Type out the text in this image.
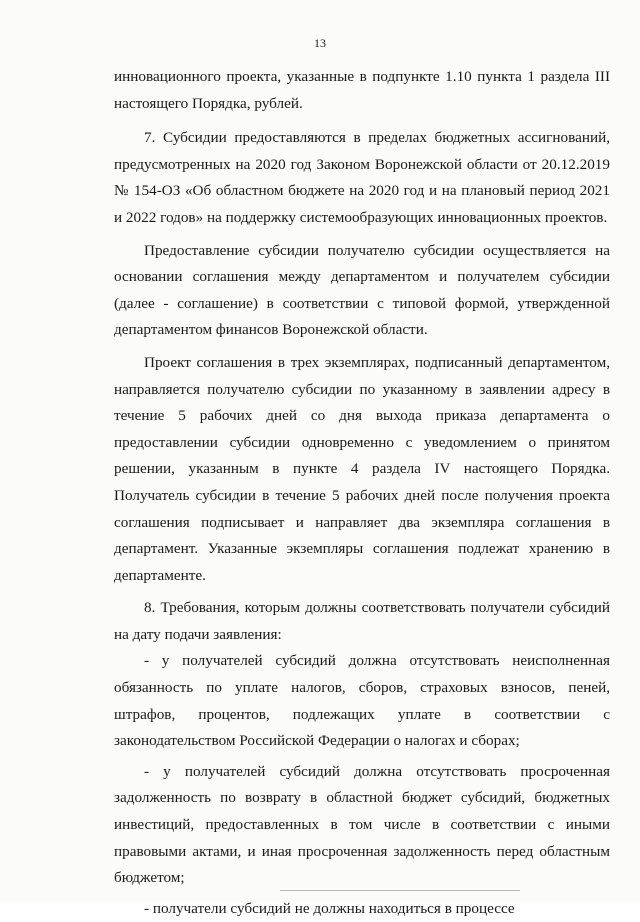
13

инновационного проекта, указанные в подпункте 1.10 пункта 1 раздела III настоящего Порядка, рублей.

7. Субсидии предоставляются в пределах бюджетных ассигнований, предусмотренных на 2020 год Законом Воронежской области от 20.12.2019 № 154-ОЗ «Об областном бюджете на 2020 год и на плановый период 2021 и 2022 годов» на поддержку системообразующих инновационных проектов.

Предоставление субсидии получателю субсидии осуществляется на основании соглашения между департаментом и получателем субсидии (далее - соглашение) в соответствии с типовой формой, утвержденной департаментом финансов Воронежской области.

Проект соглашения в трех экземплярах, подписанный департаментом, направляется получателю субсидии по указанному в заявлении адресу в течение 5 рабочих дней со дня выхода приказа департамента о предоставлении субсидии одновременно с уведомлением о принятом решении, указанным в пункте 4 раздела IV настоящего Порядка. Получатель субсидии в течение 5 рабочих дней после получения проекта соглашения подписывает и направляет два экземпляра соглашения в департамент. Указанные экземпляры соглашения подлежат хранению в департаменте.

8. Требования, которым должны соответствовать получатели субсидий на дату подачи заявления:

- у получателей субсидий должна отсутствовать неисполненная обязанность по уплате налогов, сборов, страховых взносов, пеней, штрафов, процентов, подлежащих уплате в соответствии с законодательством Российской Федерации о налогах и сборах;

- у получателей субсидий должна отсутствовать просроченная задолженность по возврату в областной бюджет субсидий, бюджетных инвестиций, предоставленных в том числе в соответствии с иными правовыми актами, и иная просроченная задолженность перед областным бюджетом;

- получатели субсидий не должны находиться в процессе
